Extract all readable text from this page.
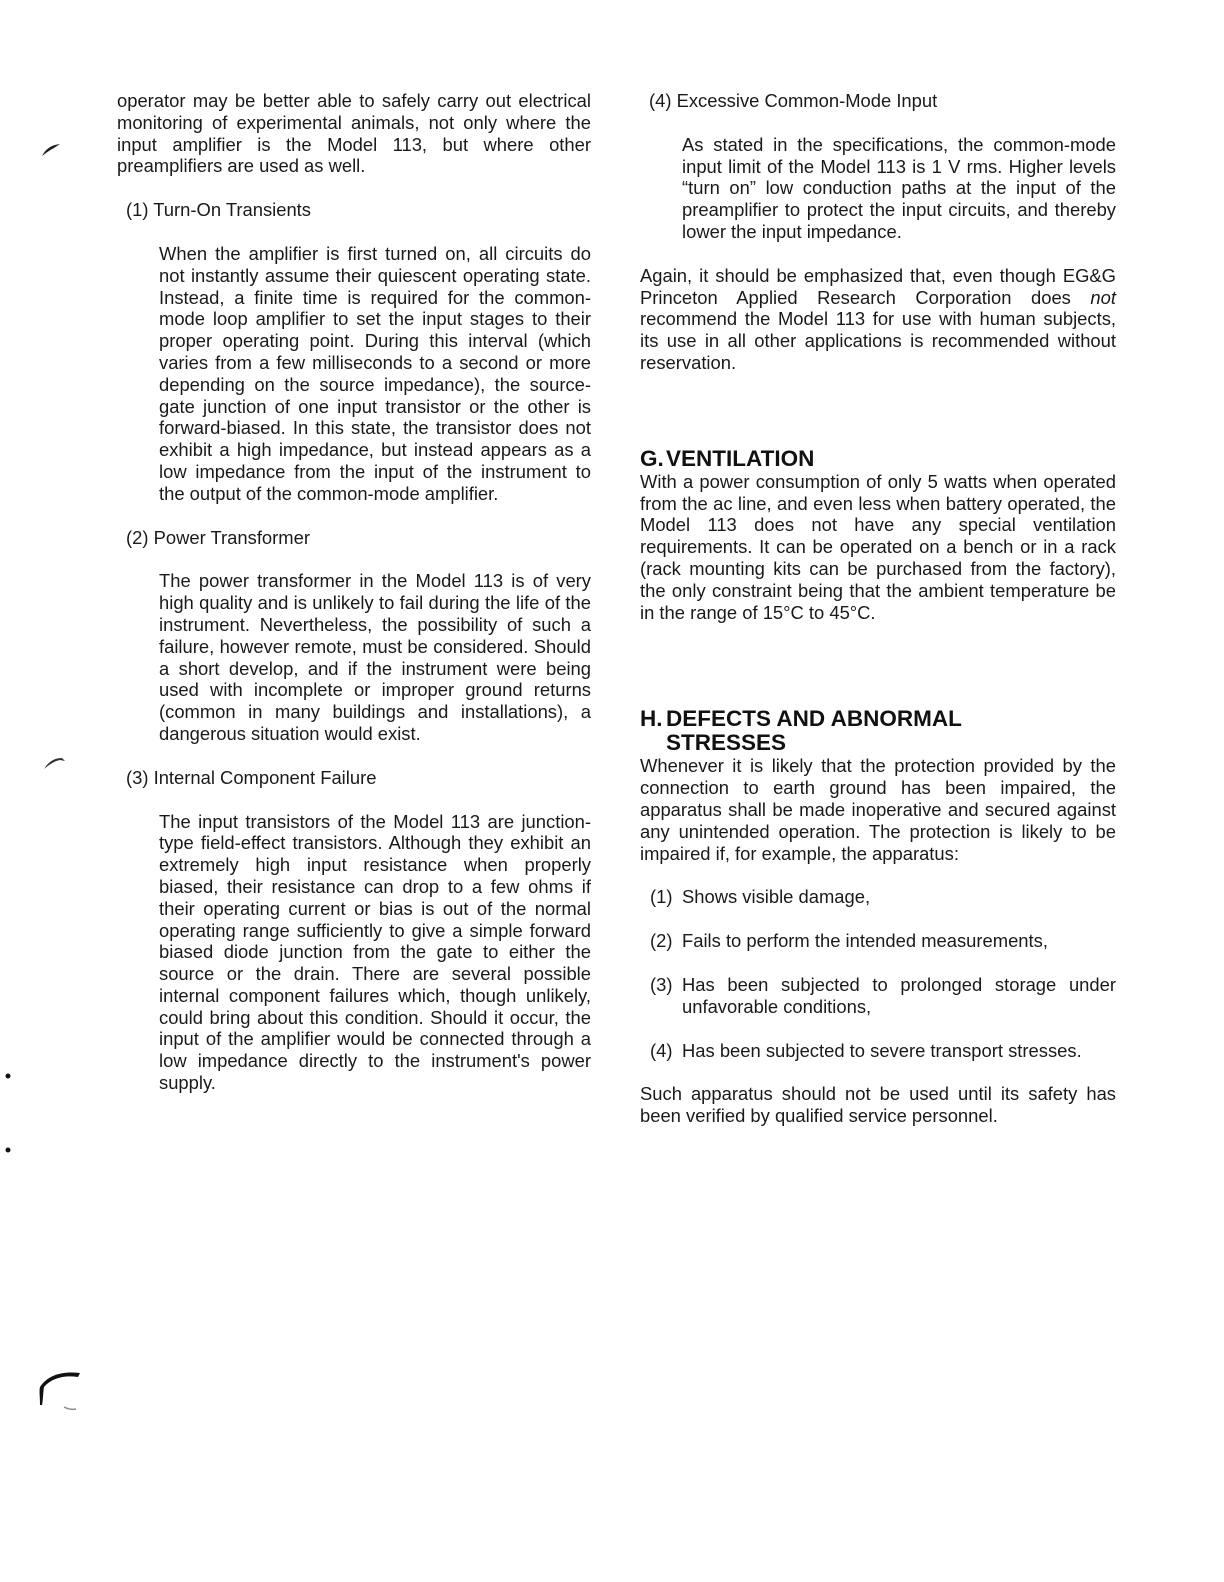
operator may be better able to safely carry out electrical monitoring of experimental animals, not only where the input amplifier is the Model 113, but where other preamplifiers are used as well.

(1) Turn-On Transients

When the amplifier is first turned on, all circuits do not instantly assume their quiescent operating state. Instead, a finite time is required for the common-mode loop amplifier to set the input stages to their proper operating point. During this interval (which varies from a few milliseconds to a second or more depending on the source impedance), the source-gate junction of one input transistor or the other is forward-biased. In this state, the transistor does not exhibit a high impedance, but instead appears as a low impedance from the input of the instrument to the output of the common-mode amplifier.

(2) Power Transformer

The power transformer in the Model 113 is of very high quality and is unlikely to fail during the life of the instrument. Nevertheless, the possibility of such a failure, however remote, must be considered. Should a short develop, and if the instrument were being used with incomplete or improper ground returns (common in many buildings and installations), a dangerous situation would exist.

(3) Internal Component Failure

The input transistors of the Model 113 are junction-type field-effect transistors. Although they exhibit an extremely high input resistance when properly biased, their resistance can drop to a few ohms if their operating current or bias is out of the normal operating range sufficiently to give a simple forward biased diode junction from the gate to either the source or the drain. There are several possible internal component failures which, though unlikely, could bring about this condition. Should it occur, the input of the amplifier would be connected through a low impedance directly to the instrument's power supply.

(4) Excessive Common-Mode Input

As stated in the specifications, the common-mode input limit of the Model 113 is 1 V rms. Higher levels “turn on” low conduction paths at the input of the preamplifier to protect the input circuits, and thereby lower the input impedance.

Again, it should be emphasized that, even though EG&G Princeton Applied Research Corporation does not recommend the Model 113 for use with human subjects, its use in all other applications is recommended without reservation.

G.VENTILATION

With a power consumption of only 5 watts when operated from the ac line, and even less when battery operated, the Model 113 does not have any special ventilation requirements. It can be operated on a bench or in a rack (rack mounting kits can be purchased from the factory), the only constraint being that the ambient temperature be in the range of 15°C to 45°C.

H. DEFECTS AND ABNORMAL
STRESSES

Whenever it is likely that the protection provided by the connection to earth ground has been impaired, the apparatus shall be made inoperative and secured against any unintended operation. The protection is likely to be impaired if, for example, the apparatus:

(1) Shows visible damage,
(2) Fails to perform the intended measurements,
(3) Has been subjected to prolonged storage under unfavorable conditions,
(4) Has been subjected to severe transport stresses.

Such apparatus should not be used until its safety has been verified by qualified service personnel.
